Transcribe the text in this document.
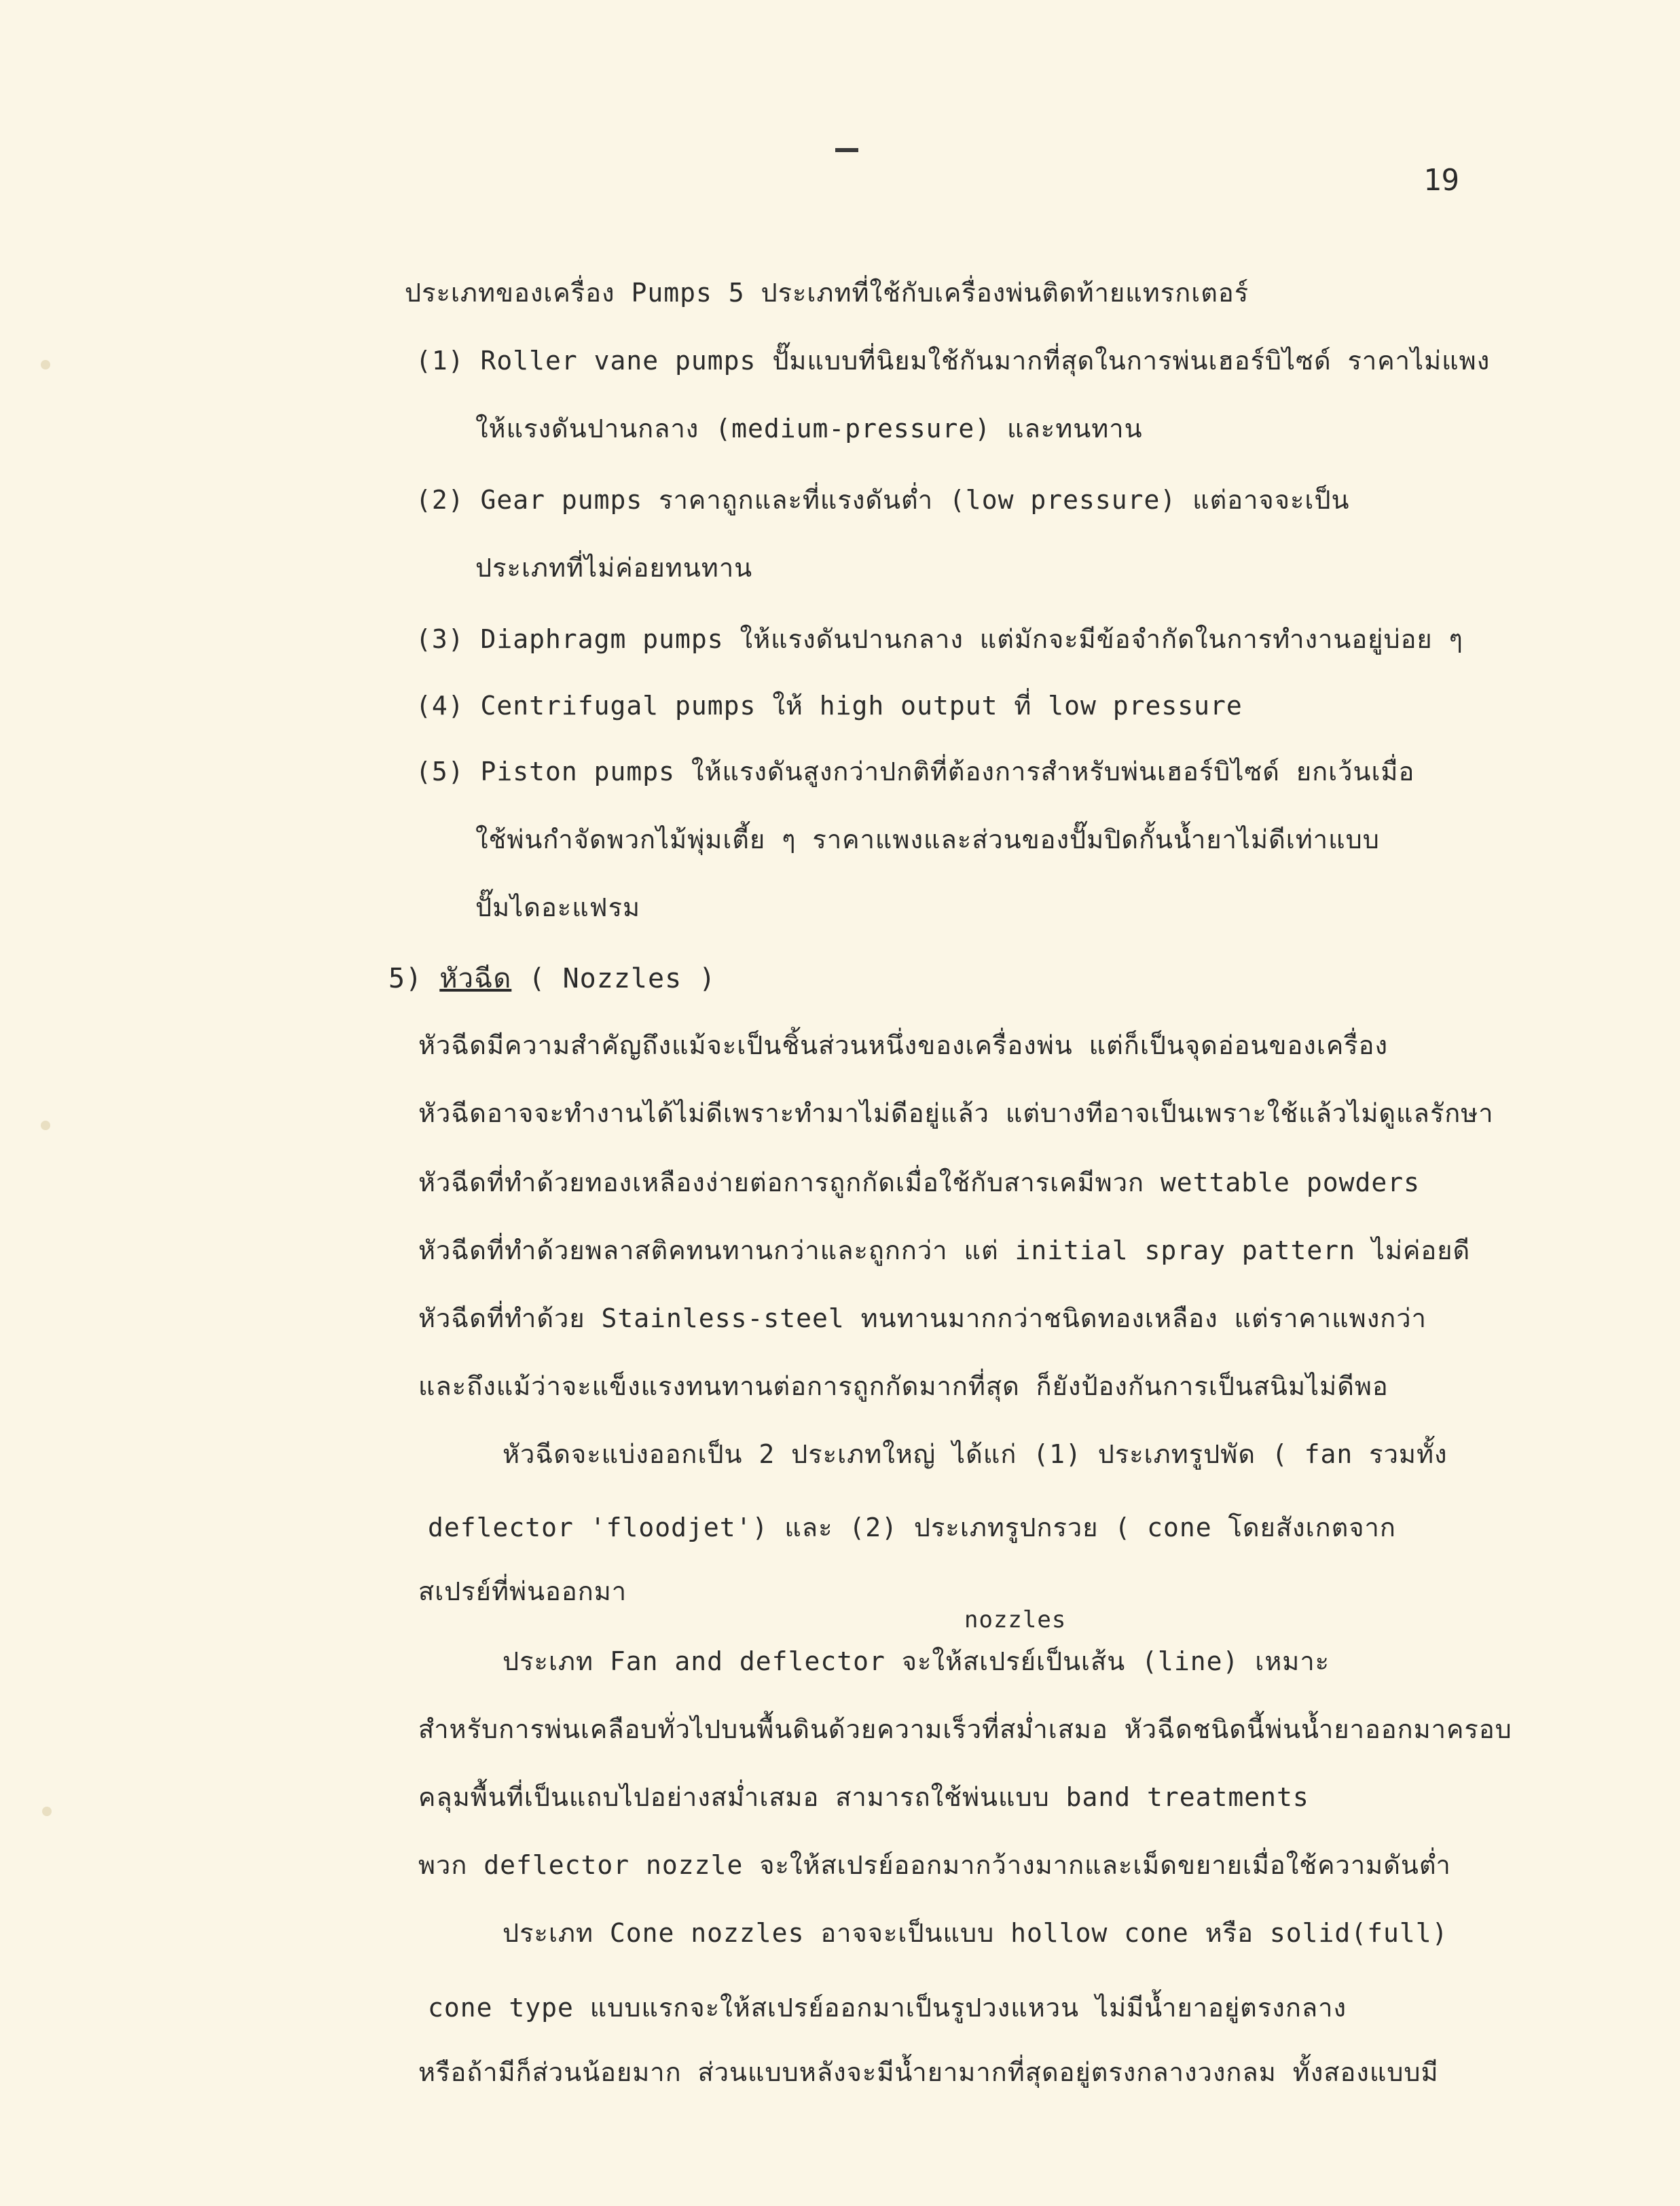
19
ประเภทของเครื่อง Pumps 5 ประเภทที่ใช้กับเครื่องพ่นติดท้ายแทรกเตอร์
(1) Roller vane pumps ปั๊มแบบที่นิยมใช้กันมากที่สุดในการพ่นเฮอร์บิไซด์ ราคาไม่แพง
ให้แรงดันปานกลาง (medium-pressure) และทนทาน
(2) Gear pumps ราคาถูกและที่แรงดันต่ำ (low pressure) แต่อาจจะเป็น
ประเภทที่ไม่ค่อยทนทาน
(3) Diaphragm pumps ให้แรงดันปานกลาง แต่มักจะมีข้อจำกัดในการทำงานอยู่บ่อย ๆ
(4) Centrifugal pumps ให้ high output ที่ low pressure
(5) Piston pumps ให้แรงดันสูงกว่าปกติที่ต้องการสำหรับพ่นเฮอร์บิไซด์ ยกเว้นเมื่อ
ใช้พ่นกำจัดพวกไม้พุ่มเตี้ย ๆ ราคาแพงและส่วนของปั๊มปิดกั้นน้ำยาไม่ดีเท่าแบบ
ปั๊มไดอะแฟรม
5) หัวฉีด ( Nozzles )
หัวฉีดมีความสำคัญถึงแม้จะเป็นชิ้นส่วนหนึ่งของเครื่องพ่น แต่ก็เป็นจุดอ่อนของเครื่อง
หัวฉีดอาจจะทำงานได้ไม่ดีเพราะทำมาไม่ดีอยู่แล้ว แต่บางทีอาจเป็นเพราะใช้แล้วไม่ดูแลรักษา
หัวฉีดที่ทำด้วยทองเหลืองง่ายต่อการถูกกัดเมื่อใช้กับสารเคมีพวก wettable powders
หัวฉีดที่ทำด้วยพลาสติคทนทานกว่าและถูกกว่า แต่ initial spray pattern ไม่ค่อยดี
หัวฉีดที่ทำด้วย Stainless-steel ทนทานมากกว่าชนิดทองเหลือง แต่ราคาแพงกว่า
และถึงแม้ว่าจะแข็งแรงทนทานต่อการถูกกัดมากที่สุด ก็ยังป้องกันการเป็นสนิมไม่ดีพอ
หัวฉีดจะแบ่งออกเป็น 2 ประเภทใหญ่ ได้แก่ (1) ประเภทรูปพัด ( fan รวมทั้ง
deflector 'floodjet') และ (2) ประเภทรูปกรวย ( cone โดยสังเกตจาก
สเปรย์ที่พ่นออกมา
nozzles
ประเภท Fan and deflector จะให้สเปรย์เป็นเส้น (line) เหมาะ
สำหรับการพ่นเคลือบทั่วไปบนพื้นดินด้วยความเร็วที่สม่ำเสมอ หัวฉีดชนิดนี้พ่นน้ำยาออกมาครอบ
คลุมพื้นที่เป็นแถบไปอย่างสม่ำเสมอ สามารถใช้พ่นแบบ band treatments
พวก deflector nozzle จะให้สเปรย์ออกมากว้างมากและเม็ดขยายเมื่อใช้ความดันต่ำ
ประเภท Cone nozzles อาจจะเป็นแบบ hollow cone หรือ solid(full)
cone type แบบแรกจะให้สเปรย์ออกมาเป็นรูปวงแหวน ไม่มีน้ำยาอยู่ตรงกลาง
หรือถ้ามีก็ส่วนน้อยมาก ส่วนแบบหลังจะมีน้ำยามากที่สุดอยู่ตรงกลางวงกลม ทั้งสองแบบมี
